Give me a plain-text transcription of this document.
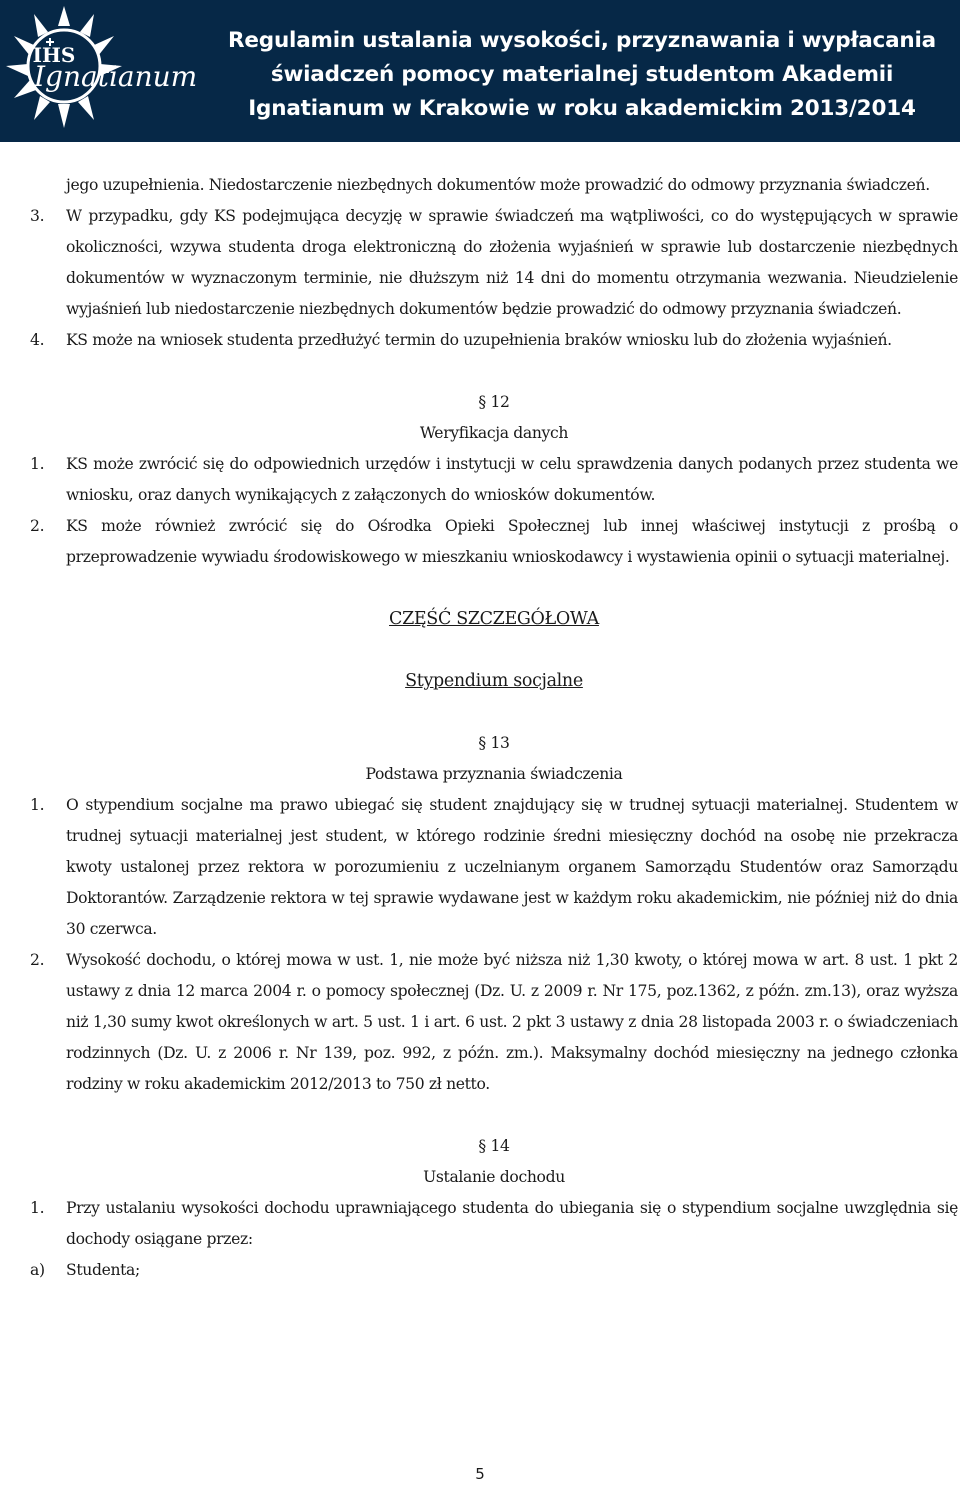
IHS
Ignatianum
Regulamin ustalania wysokości, przyznawania i wypłacania
świadczeń pomocy materialnej studentom Akademii
Ignatianum w Krakowie w roku akademickim 2013/2014

jego uzupełnienia. Niedostarczenie niezbędnych dokumentów może prowadzić do odmowy przyznania świadczeń.

3. W przypadku, gdy KS podejmująca decyzję w sprawie świadczeń ma wątpliwości, co do występujących w sprawie okoliczności, wzywa studenta droga elektroniczną do złożenia wyjaśnień w sprawie lub dostarczenie niezbędnych dokumentów w wyznaczonym terminie, nie dłuższym niż 14 dni do momentu otrzymania wezwania. Nieudzielenie wyjaśnień lub niedostarczenie niezbędnych dokumentów będzie prowadzić do odmowy przyznania świadczeń.
4. KS może na wniosek studenta przedłużyć termin do uzupełnienia braków wniosku lub do złożenia wyjaśnień.
§ 12
Weryfikacja danych
1. KS może zwrócić się do odpowiednich urzędów i instytucji w celu sprawdzenia danych podanych przez studenta we wniosku, oraz danych wynikających z załączonych do wniosków dokumentów.
2. KS może również zwrócić się do Ośrodka Opieki Społecznej lub innej właściwej instytucji z prośbą o przeprowadzenie wywiadu środowiskowego w mieszkaniu wnioskodawcy i wystawienia opinii o sytuacji materialnej.
CZĘŚĆ SZCZEGÓŁOWA
Stypendium socjalne
§ 13
Podstawa przyznania świadczenia
1. O stypendium socjalne ma prawo ubiegać się student znajdujący się w trudnej sytuacji materialnej. Studentem w trudnej sytuacji materialnej jest student, w którego rodzinie średni miesięczny dochód na osobę nie przekracza kwoty ustalonej przez rektora w porozumieniu z uczelnianym organem Samorządu Studentów oraz Samorządu Doktorantów. Zarządzenie rektora w tej sprawie wydawane jest w każdym roku akademickim, nie później niż do dnia 30 czerwca.
2. Wysokość dochodu, o której mowa w ust. 1, nie może być niższa niż 1,30 kwoty, o której mowa w art. 8 ust. 1 pkt 2 ustawy z dnia 12 marca 2004 r. o pomocy społecznej (Dz. U. z 2009 r. Nr 175, poz.1362, z późn. zm.13), oraz wyższa niż 1,30 sumy kwot określonych w art. 5 ust. 1 i art. 6 ust. 2 pkt 3 ustawy z dnia 28 listopada 2003 r. o świadczeniach rodzinnych (Dz. U. z 2006 r. Nr 139, poz. 992, z późn. zm.). Maksymalny dochód miesięczny na jednego członka rodziny w roku akademickim 2012/2013 to 750 zł netto.
§ 14
Ustalanie dochodu
1. Przy ustalaniu wysokości dochodu uprawniającego studenta do ubiegania się o stypendium socjalne uwzględnia się dochody osiągane przez:
a) Studenta;
5
